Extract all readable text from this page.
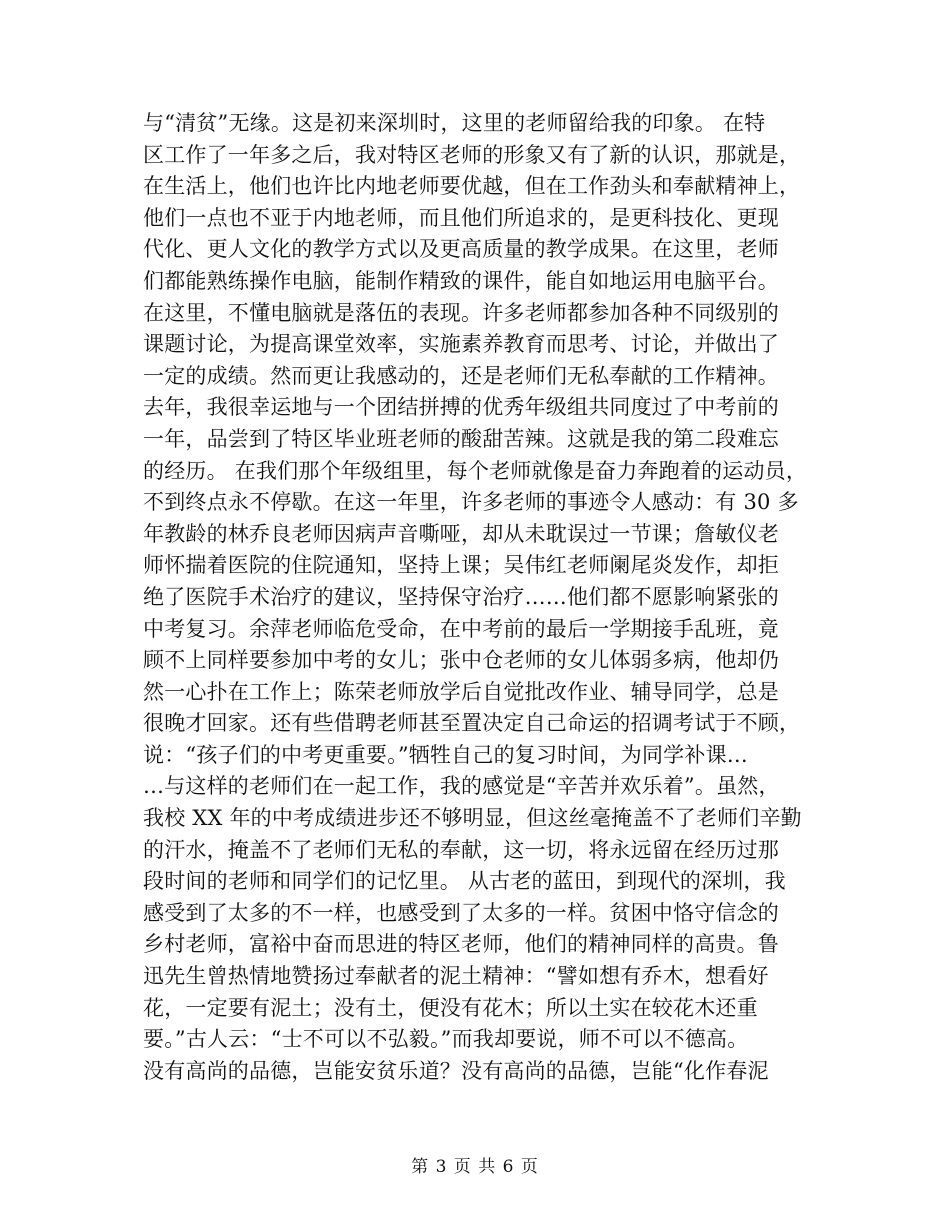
与“清贫”无缘。这是初来深圳时，这里的老师留给我的印象。 在特
区工作了一年多之后，我对特区老师的形象又有了新的认识，那就是，
在生活上，他们也许比内地老师要优越，但在工作劲头和奉献精神上，
他们一点也不亚于内地老师，而且他们所追求的，是更科技化、更现
代化、更人文化的教学方式以及更高质量的教学成果。在这里，老师
们都能熟练操作电脑，能制作精致的课件，能自如地运用电脑平台。
在这里，不懂电脑就是落伍的表现。许多老师都参加各种不同级别的
课题讨论，为提高课堂效率，实施素养教育而思考、讨论，并做出了
一定的成绩。然而更让我感动的，还是老师们无私奉献的工作精神。
去年，我很幸运地与一个团结拼搏的优秀年级组共同度过了中考前的
一年，品尝到了特区毕业班老师的酸甜苦辣。这就是我的第二段难忘
的经历。 在我们那个年级组里，每个老师就像是奋力奔跑着的运动员，
不到终点永不停歇。在这一年里，许多老师的事迹令人感动：有 30 多
年教龄的林乔良老师因病声音嘶哑，却从未耽误过一节课；詹敏仪老
师怀揣着医院的住院通知，坚持上课；吴伟红老师阑尾炎发作，却拒
绝了医院手术治疗的建议，坚持保守治疗……他们都不愿影响紧张的
中考复习。余萍老师临危受命，在中考前的最后一学期接手乱班，竟
顾不上同样要参加中考的女儿；张中仓老师的女儿体弱多病，他却仍
然一心扑在工作上；陈荣老师放学后自觉批改作业、辅导同学，总是
很晚才回家。还有些借聘老师甚至置决定自己命运的招调考试于不顾，
说：“孩子们的中考更重要。”牺牲自己的复习时间，为同学补课…
…与这样的老师们在一起工作，我的感觉是“辛苦并欢乐着”。虽然，
我校 XX 年的中考成绩进步还不够明显，但这丝毫掩盖不了老师们辛勤
的汗水，掩盖不了老师们无私的奉献，这一切，将永远留在经历过那
段时间的老师和同学们的记忆里。 从古老的蓝田，到现代的深圳，我
感受到了太多的不一样，也感受到了太多的一样。贫困中恪守信念的
乡村老师，富裕中奋而思进的特区老师，他们的精神同样的高贵。鲁
迅先生曾热情地赞扬过奉献者的泥土精神：“譬如想有乔木，想看好
花，一定要有泥土；没有土，便没有花木；所以土实在较花木还重
要。”古人云：“士不可以不弘毅。”而我却要说，师不可以不德高。
没有高尚的品德，岂能安贫乐道？没有高尚的品德，岂能“化作春泥
第 3 页 共 6 页
